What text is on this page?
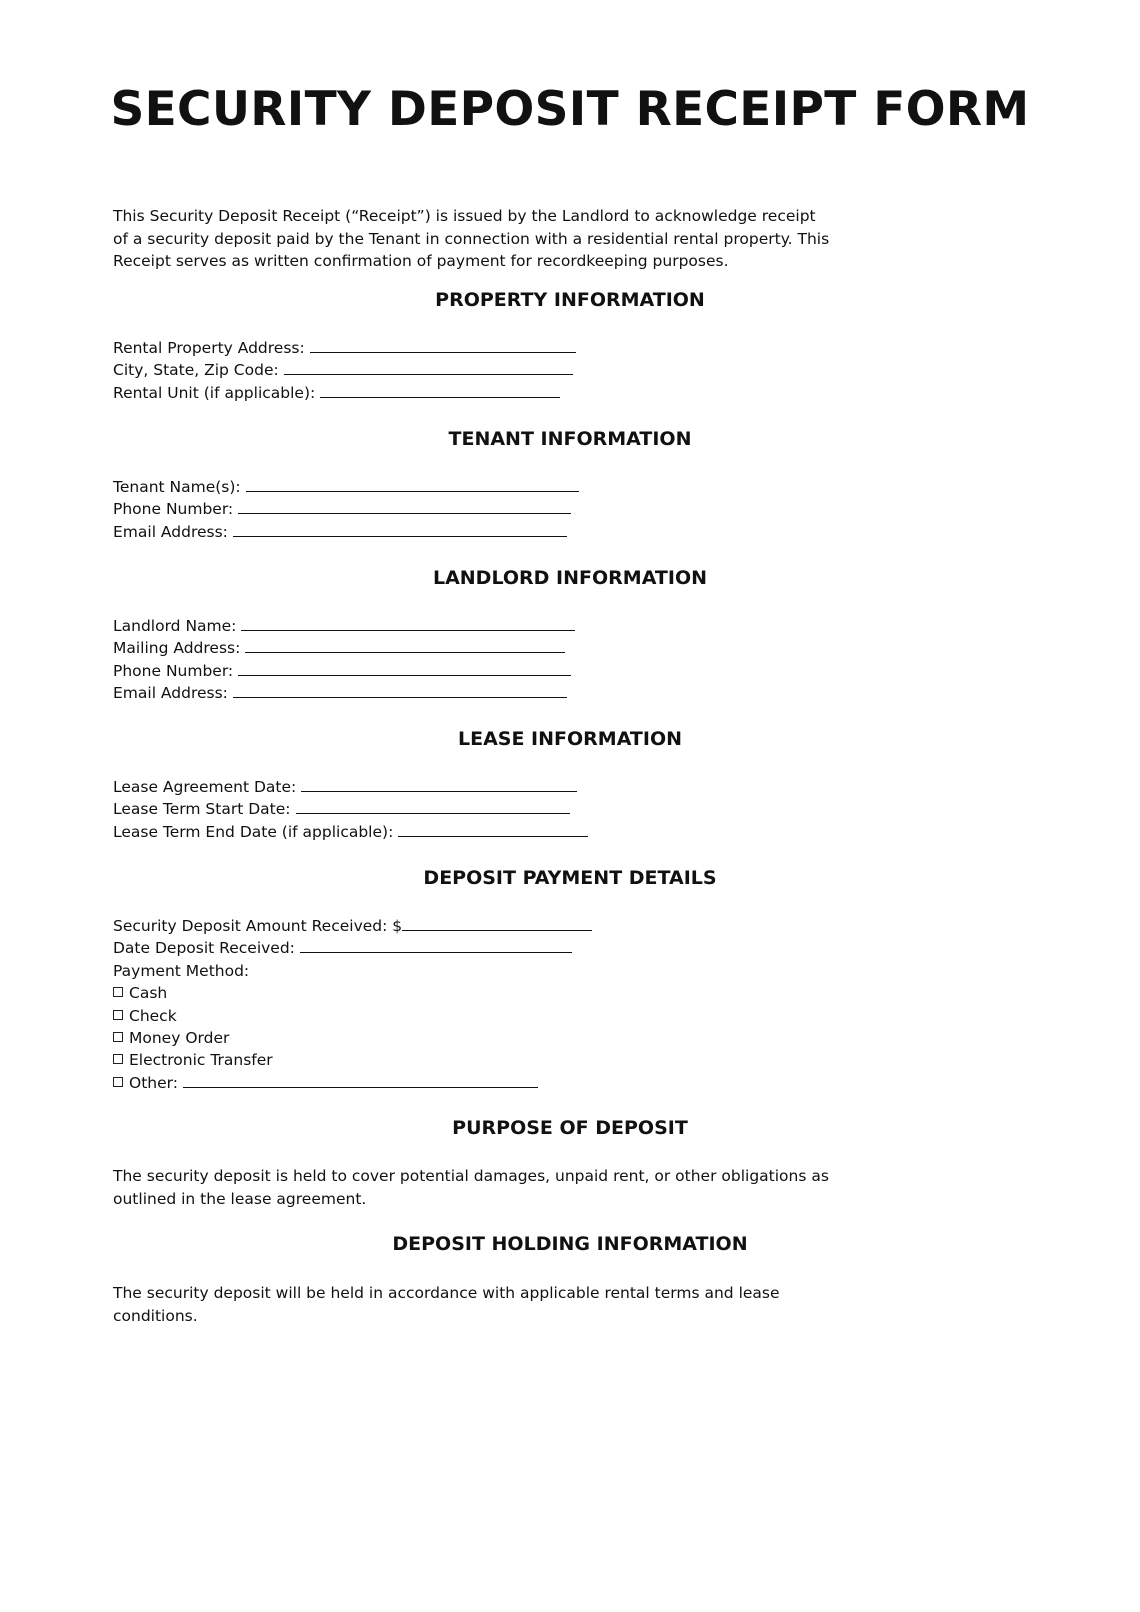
SECURITY DEPOSIT RECEIPT FORM

This Security Deposit Receipt (“Receipt”) is issued by the Landlord to acknowledge receipt of a security deposit paid by the Tenant in connection with a residential rental property. This Receipt serves as written confirmation of payment for recordkeeping purposes.

PROPERTY INFORMATION
Rental Property Address:
City, State, Zip Code:
Rental Unit (if applicable):
TENANT INFORMATION
Tenant Name(s):
Phone Number:
Email Address:
LANDLORD INFORMATION
Landlord Name:
Mailing Address:
Phone Number:
Email Address:
LEASE INFORMATION
Lease Agreement Date:
Lease Term Start Date:
Lease Term End Date (if applicable):
DEPOSIT PAYMENT DETAILS
Security Deposit Amount Received: $
Date Deposit Received:
Payment Method:
Cash
Check
Money Order
Electronic Transfer
Other:
PURPOSE OF DEPOSIT

The security deposit is held to cover potential damages, unpaid rent, or other obligations as outlined in the lease agreement.

DEPOSIT HOLDING INFORMATION

The security deposit will be held in accordance with applicable rental terms and lease conditions.
